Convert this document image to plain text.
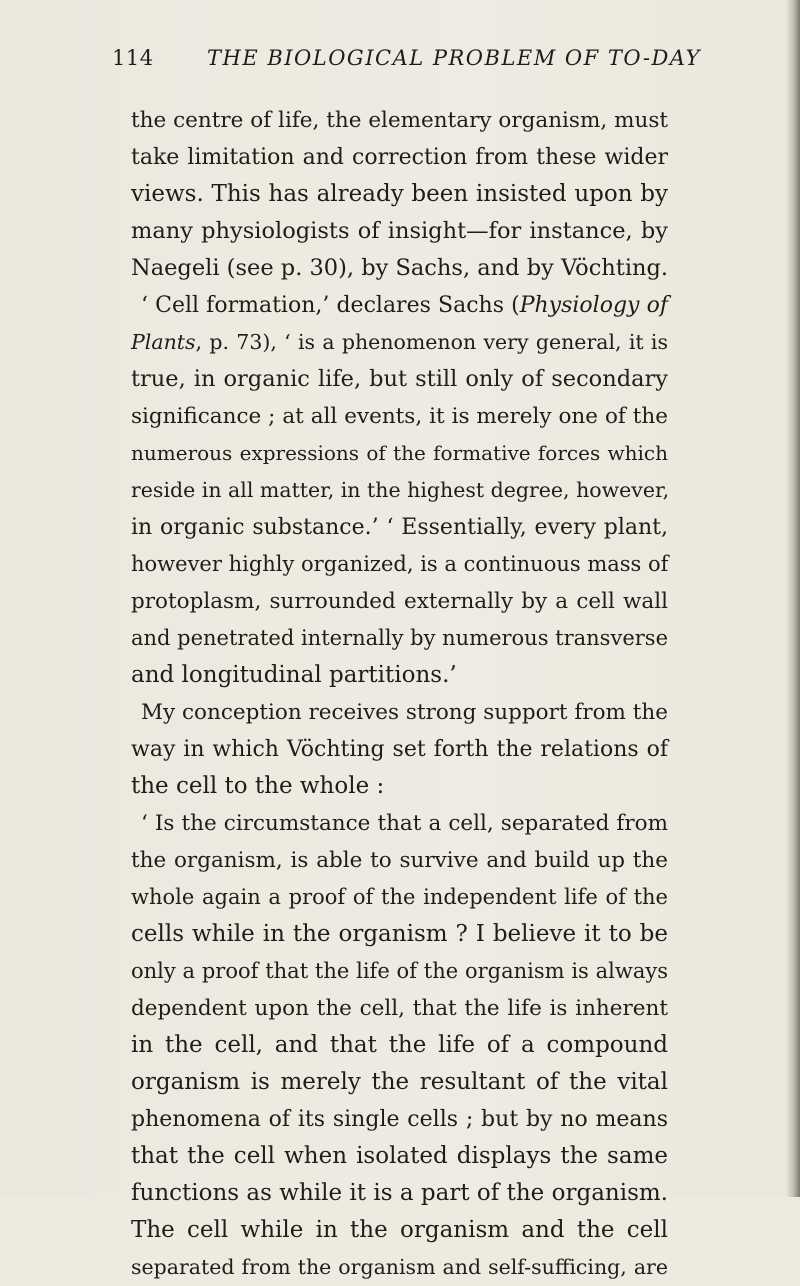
114	THE BIOLOGICAL PROBLEM OF TO-DAY
the centre of life, the elementary organism, must
take limitation and correction from these wider
views. This has already been insisted upon by
many physiologists of insight—for instance, by
Naegeli (see p. 30), by Sachs, and by Vöchting.
‘ Cell formation,’ declares Sachs (Physiology of
Plants, p. 73), ‘ is a phenomenon very general, it is
true, in organic life, but still only of secondary
significance ; at all events, it is merely one of the
numerous expressions of the formative forces which
reside in all matter, in the highest degree, however,
in organic substance.’ ‘ Essentially, every plant,
however highly organized, is a continuous mass of
protoplasm, surrounded externally by a cell wall
and penetrated internally by numerous transverse
and longitudinal partitions.’
My conception receives strong support from the
way in which Vöchting set forth the relations of
the cell to the whole :
‘ Is the circumstance that a cell, separated from
the organism, is able to survive and build up the
whole again a proof of the independent life of the
cells while in the organism ? I believe it to be
only a proof that the life of the organism is always
dependent upon the cell, that the life is inherent
in the cell, and that the life of a compound
organism is merely the resultant of the vital
phenomena of its single cells ; but by no means
that the cell when isolated displays the same
functions as while it is a part of the organism.
The cell while in the organism and the cell
separated from the organism and self-sufficing, are
